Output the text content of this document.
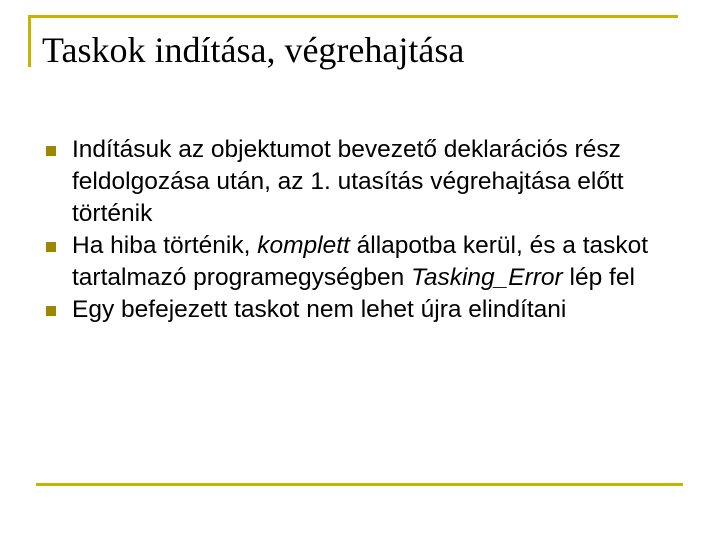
Taskok indítása, végrehajtása
Indításuk az objektumot bevezető deklarációs rész feldolgozása után, az 1. utasítás végrehajtása előtt történik
Ha hiba történik, komplett állapotba kerül, és a taskot tartalmazó programegységben Tasking_Error lép fel
Egy befejezett taskot nem lehet újra elindítani
